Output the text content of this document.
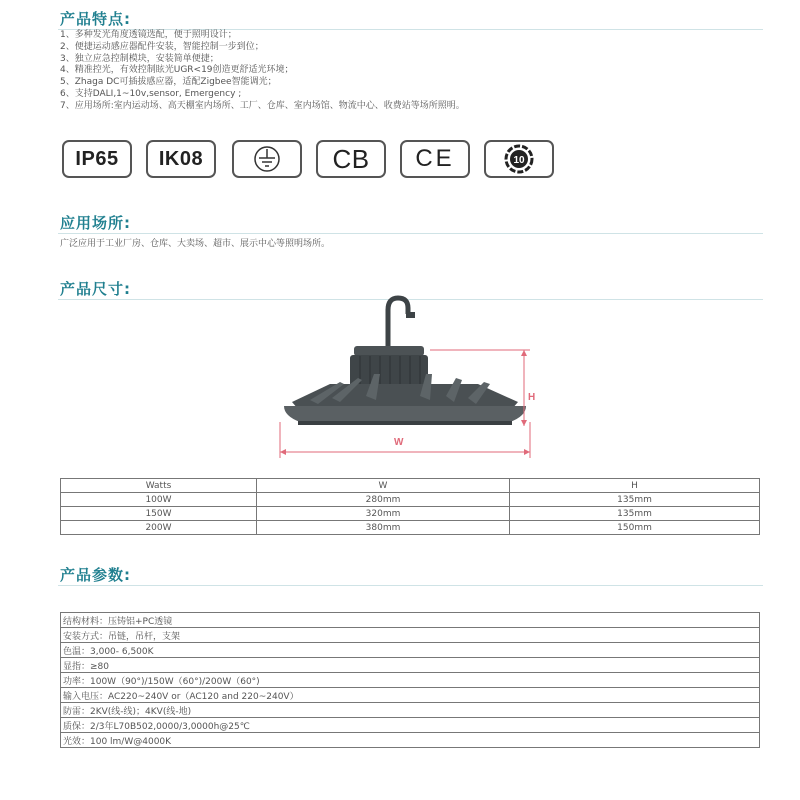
产品特点:
1、多种发光角度透镜选配，便于照明设计；
2、便捷运动感应器配件安装，智能控制一步到位；
3、独立应急控制模块，安装简单便捷；
4、精准控光，有效控制眩光UGR<19创造更舒适光环境；
5、Zhaga DC可插拔感应器，适配Zigbee智能调光；
6、支持DALI,1~10v,sensor, Emergency ;
7、应用场所:室内运动场、高天棚室内场所、工厂、仓库、室内场馆、物流中心、收费站等场所照明。
IP65 IK08	CB CE	10
应用场所:
广泛应用于工业厂房、仓库、大卖场、超市、展示中心等照明场所。
产品尺寸:
W
H
Watts	W	H
100W	280mm	135mm
150W	320mm	135mm
200W	380mm	150mm
产品参数:
结构材料：压铸铝+PC透镜
安装方式：吊链，吊杆，支架
色温：3,000- 6,500K
显指：≥80
功率：100W（90°)/150W（60°)/200W（60°)
输入电压：AC220~240V or（AC120 and 220~240V）
防雷：2KV(线-线)；4KV(线-地)
质保：2/3年L70B502,0000/3,0000h@25℃
光效：100 lm/W@4000K
